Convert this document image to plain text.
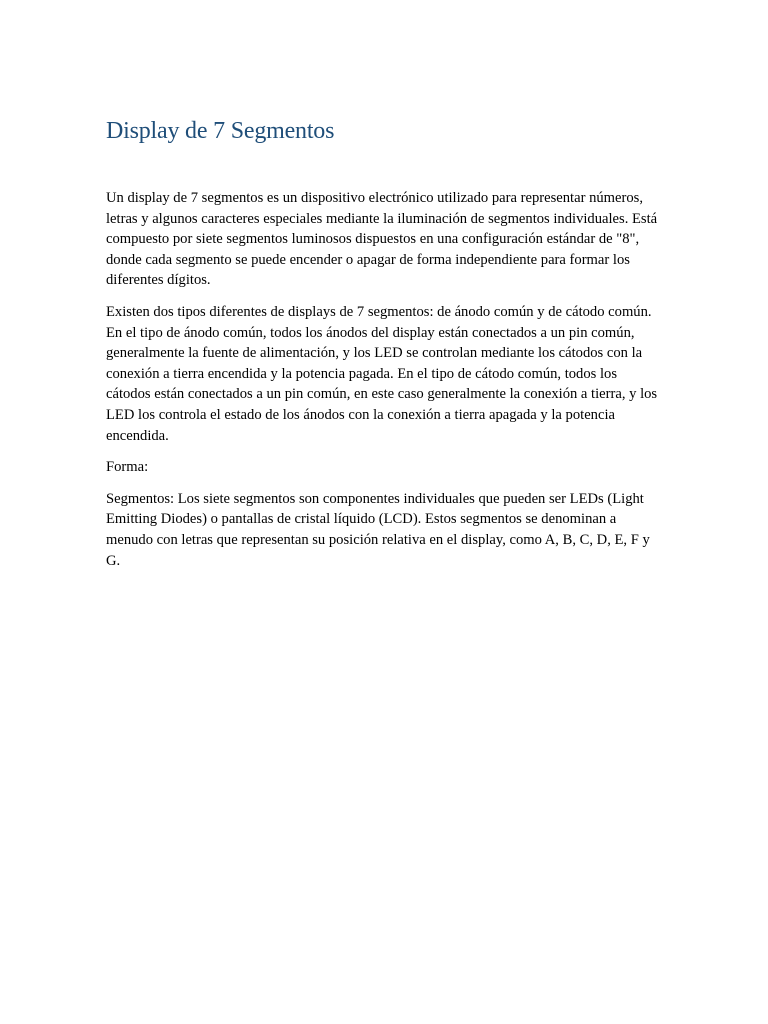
Display de 7 Segmentos

Un display de 7 segmentos es un dispositivo electrónico utilizado para representar números, letras y algunos caracteres especiales mediante la iluminación de segmentos individuales. Está compuesto por siete segmentos luminosos dispuestos en una configuración estándar de "8", donde cada segmento se puede encender o apagar de forma independiente para formar los diferentes dígitos.

Existen dos tipos diferentes de displays de 7 segmentos: de ánodo común y de cátodo común. En el tipo de ánodo común, todos los ánodos del display están conectados a un pin común, generalmente la fuente de alimentación, y los LED se controlan mediante los cátodos con la conexión a tierra encendida y la potencia pagada. En el tipo de cátodo común, todos los cátodos están conectados a un pin común, en este caso generalmente la conexión a tierra, y los LED los controla el estado de los ánodos con la conexión a tierra apagada y la potencia encendida.

Forma:

Segmentos: Los siete segmentos son componentes individuales que pueden ser LEDs (Light Emitting Diodes) o pantallas de cristal líquido (LCD). Estos segmentos se denominan a menudo con letras que representan su posición relativa en el display, como A, B, C, D, E, F y G.
